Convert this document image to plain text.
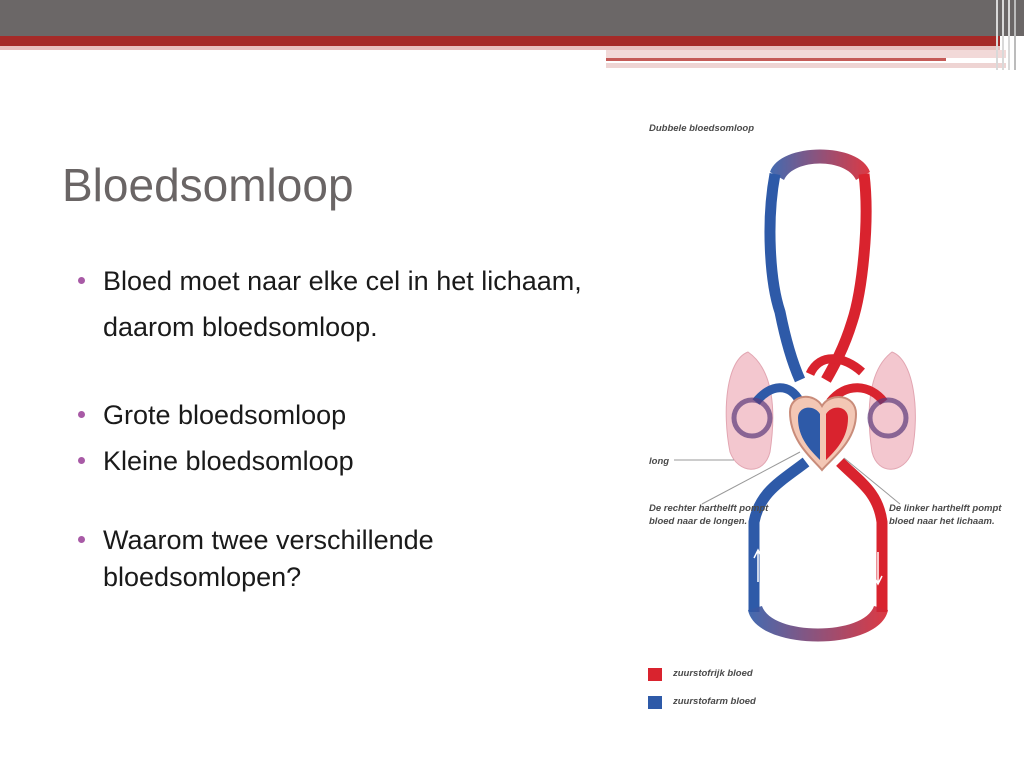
Bloedsomloop
Bloed moet naar elke cel in het lichaam, daarom bloedsomloop.
Grote bloedsomloop
Kleine bloedsomloop
Waarom twee verschillende bloedsomlopen?
Dubbele bloedsomloop
long
De rechter harthelft pompt bloed naar de longen.
De linker harthelft pompt bloed naar het lichaam.
zuurstofrijk bloed
zuurstofarm bloed
